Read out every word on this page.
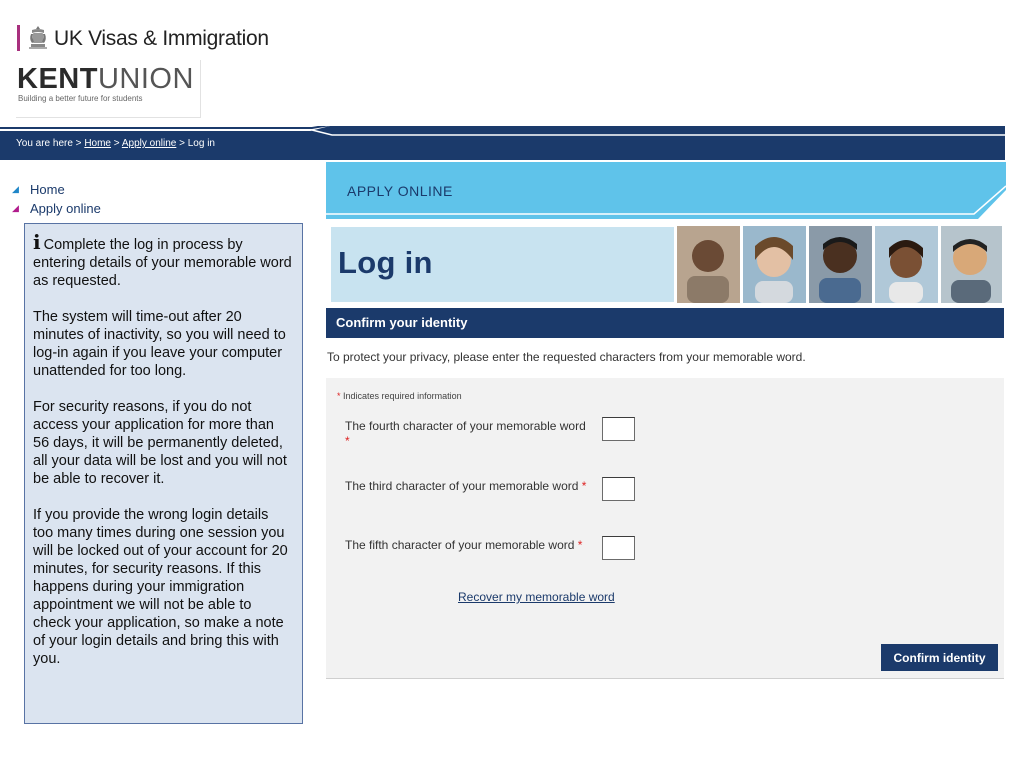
UK Visas & Immigration
KENTUNION
Building a better future for students
You are here > Home > Apply online > Log in
◢ Home
◢ Apply online

i Complete the log in process by entering details of your memorable word as requested.

The system will time-out after 20 minutes of inactivity, so you will need to log-in again if you leave your computer unattended for too long.

For security reasons, if you do not access your application for more than 56 days, it will be permanently deleted, all your data will be lost and you will not be able to recover it.

If you provide the wrong login details too many times during one session you will be locked out of your account for 20 minutes, for security reasons. If this happens during your immigration appointment we will not be able to check your application, so make a note of your login details and bring this with you.

APPLY ONLINE
Log in
Confirm your identity
To protect your privacy, please enter the requested characters from your memorable word.
* Indicates required information
The fourth character of your memorable word *
The third character of your memorable word *
The fifth character of your memorable word *
Recover my memorable word
Confirm identity
